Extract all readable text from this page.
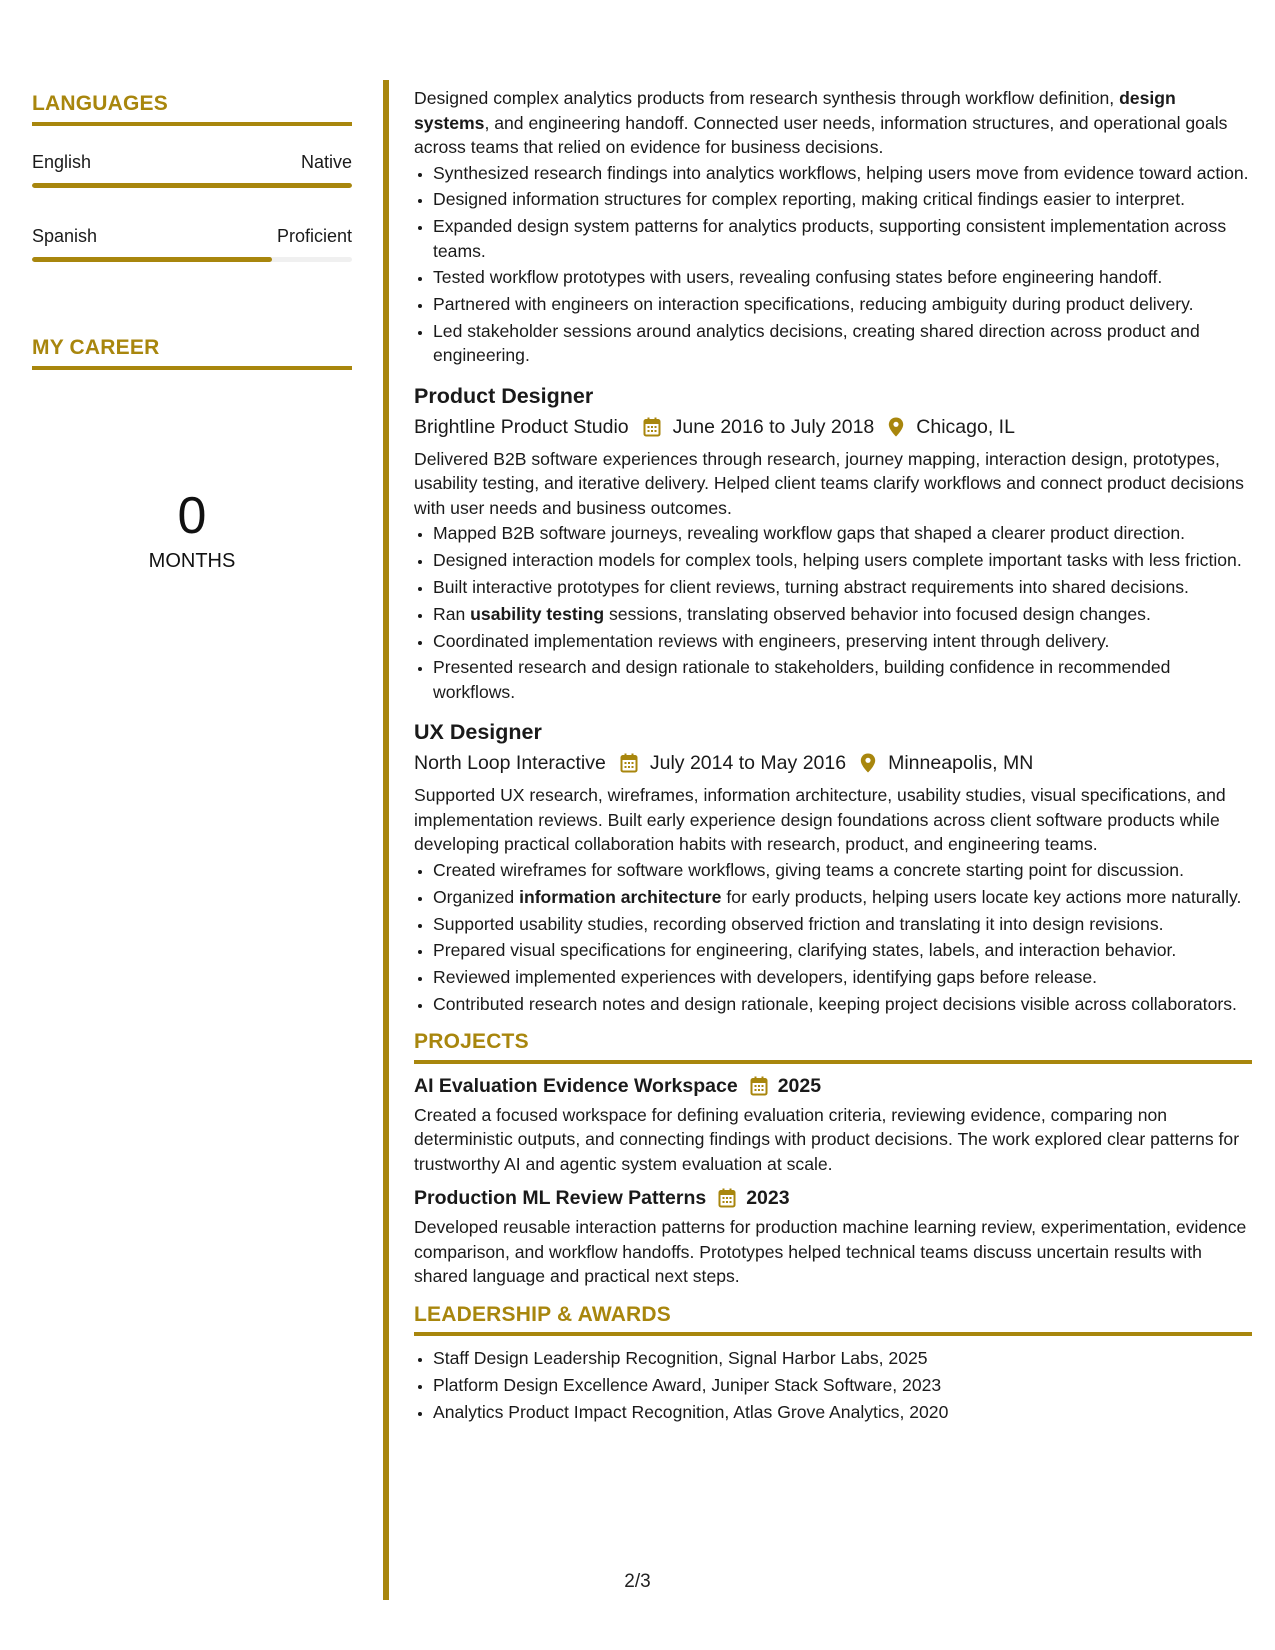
LANGUAGES
English	Native
Spanish	Proficient
MY CAREER
0
MONTHS

Designed complex analytics products from research synthesis through workflow definition, design systems, and engineering handoff. Connected user needs, information structures, and operational goals across teams that relied on evidence for business decisions.

• Synthesized research findings into analytics workflows, helping users move from evidence toward action.
• Designed information structures for complex reporting, making critical findings easier to interpret.
• Expanded design system patterns for analytics products, supporting consistent implementation across teams.
• Tested workflow prototypes with users, revealing confusing states before engineering handoff.
• Partnered with engineers on interaction specifications, reducing ambiguity during product delivery.
• Led stakeholder sessions around analytics decisions, creating shared direction across product and engineering.
Product Designer
Brightline Product Studio June 2016 to July 2018 Chicago, IL

Delivered B2B software experiences through research, journey mapping, interaction design, prototypes, usability testing, and iterative delivery. Helped client teams clarify workflows and connect product decisions with user needs and business outcomes.

• Mapped B2B software journeys, revealing workflow gaps that shaped a clearer product direction.
• Designed interaction models for complex tools, helping users complete important tasks with less friction.
• Built interactive prototypes for client reviews, turning abstract requirements into shared decisions.
• Ran usability testing sessions, translating observed behavior into focused design changes.
• Coordinated implementation reviews with engineers, preserving intent through delivery.
• Presented research and design rationale to stakeholders, building confidence in recommended workflows.
UX Designer
North Loop Interactive July 2014 to May 2016 Minneapolis, MN

Supported UX research, wireframes, information architecture, usability studies, visual specifications, and implementation reviews. Built early experience design foundations across client software products while developing practical collaboration habits with research, product, and engineering teams.

• Created wireframes for software workflows, giving teams a concrete starting point for discussion.
• Organized information architecture for early products, helping users locate key actions more naturally.
• Supported usability studies, recording observed friction and translating it into design revisions.
• Prepared visual specifications for engineering, clarifying states, labels, and interaction behavior.
• Reviewed implemented experiences with developers, identifying gaps before release.
• Contributed research notes and design rationale, keeping project decisions visible across collaborators.
PROJECTS
AI Evaluation Evidence Workspace 2025

Created a focused workspace for defining evaluation criteria, reviewing evidence, comparing non deterministic outputs, and connecting findings with product decisions. The work explored clear patterns for trustworthy AI and agentic system evaluation at scale.

Production ML Review Patterns 2023

Developed reusable interaction patterns for production machine learning review, experimentation, evidence comparison, and workflow handoffs. Prototypes helped technical teams discuss uncertain results with shared language and practical next steps.

LEADERSHIP & AWARDS
• Staff Design Leadership Recognition, Signal Harbor Labs, 2025
• Platform Design Excellence Award, Juniper Stack Software, 2023
• Analytics Product Impact Recognition, Atlas Grove Analytics, 2020
2/3
